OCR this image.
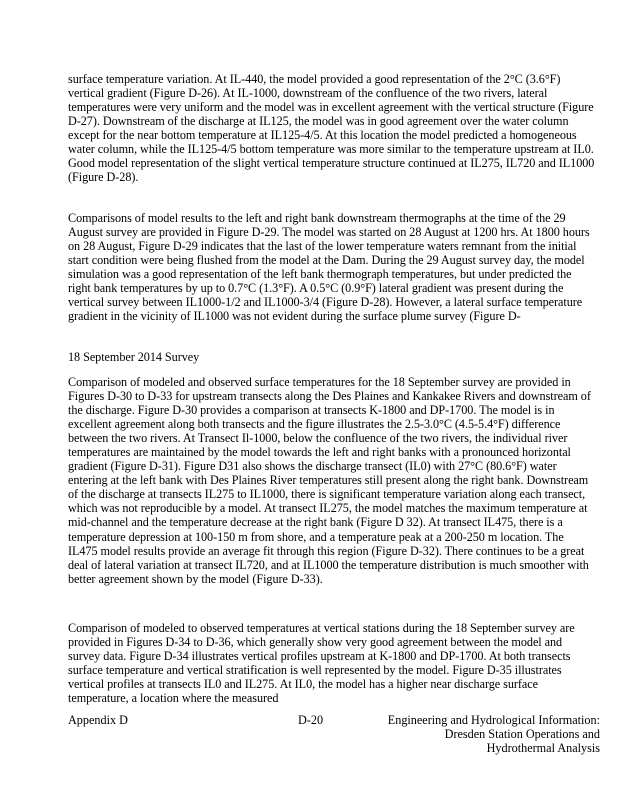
surface temperature variation. At IL-440, the model provided a good representation of the 2°C (3.6°F) vertical gradient (Figure D-26). At IL-1000, downstream of the confluence of the two rivers, lateral temperatures were very uniform and the model was in excellent agreement with the vertical structure (Figure D-27). Downstream of the discharge at IL125, the model was in good agreement over the water column except for the near bottom temperature at IL125-4/5. At this location the model predicted a homogeneous water column, while the IL125-4/5 bottom temperature was more similar to the temperature upstream at IL0. Good model representation of the slight vertical temperature structure continued at IL275, IL720 and IL1000 (Figure D-28).

Comparisons of model results to the left and right bank downstream thermographs at the time of the 29 August survey are provided in Figure D-29. The model was started on 28 August at 1200 hrs. At 1800 hours on 28 August, Figure D-29 indicates that the last of the lower temperature waters remnant from the initial start condition were being flushed from the model at the Dam. During the 29 August survey day, the model simulation was a good representation of the left bank thermograph temperatures, but under predicted the right bank temperatures by up to 0.7°C (1.3°F). A 0.5°C (0.9°F) lateral gradient was present during the vertical survey between IL1000-1/2 and IL1000-3/4 (Figure D-28). However, a lateral surface temperature gradient in the vicinity of IL1000 was not evident during the surface plume survey (Figure D-

18 September 2014 Survey

Comparison of modeled and observed surface temperatures for the 18 September survey are provided in Figures D-30 to D-33 for upstream transects along the Des Plaines and Kankakee Rivers and downstream of the discharge. Figure D-30 provides a comparison at transects K-1800 and DP-1700. The model is in excellent agreement along both transects and the figure illustrates the 2.5-3.0°C (4.5-5.4°F) difference between the two rivers. At Transect Il-1000, below the confluence of the two rivers, the individual river temperatures are maintained by the model towards the left and right banks with a pronounced horizontal gradient (Figure D-31). Figure D31 also shows the discharge transect (IL0) with 27°C (80.6°F) water entering at the left bank with Des Plaines River temperatures still present along the right bank. Downstream of the discharge at transects IL275 to IL1000, there is significant temperature variation along each transect, which was not reproducible by a model. At transect IL275, the model matches the maximum temperature at mid-channel and the temperature decrease at the right bank (Figure D 32). At transect IL475, there is a temperature depression at 100-150 m from shore, and a temperature peak at a 200-250 m location. The IL475 model results provide an average fit through this region (Figure D-32). There continues to be a great deal of lateral variation at transect IL720, and at IL1000 the temperature distribution is much smoother with better agreement shown by the model (Figure D-33).

Comparison of modeled to observed temperatures at vertical stations during the 18 September survey are provided in Figures D-34 to D-36, which generally show very good agreement between the model and survey data. Figure D-34 illustrates vertical profiles upstream at K-1800 and DP-1700. At both transects surface temperature and vertical stratification is well represented by the model. Figure D-35 illustrates vertical profiles at transects IL0 and IL275. At IL0, the model has a higher near discharge surface temperature, a location where the measured

Appendix D	D-20	Engineering and Hydrological Information:
Dresden Station Operations and
Hydrothermal Analysis
